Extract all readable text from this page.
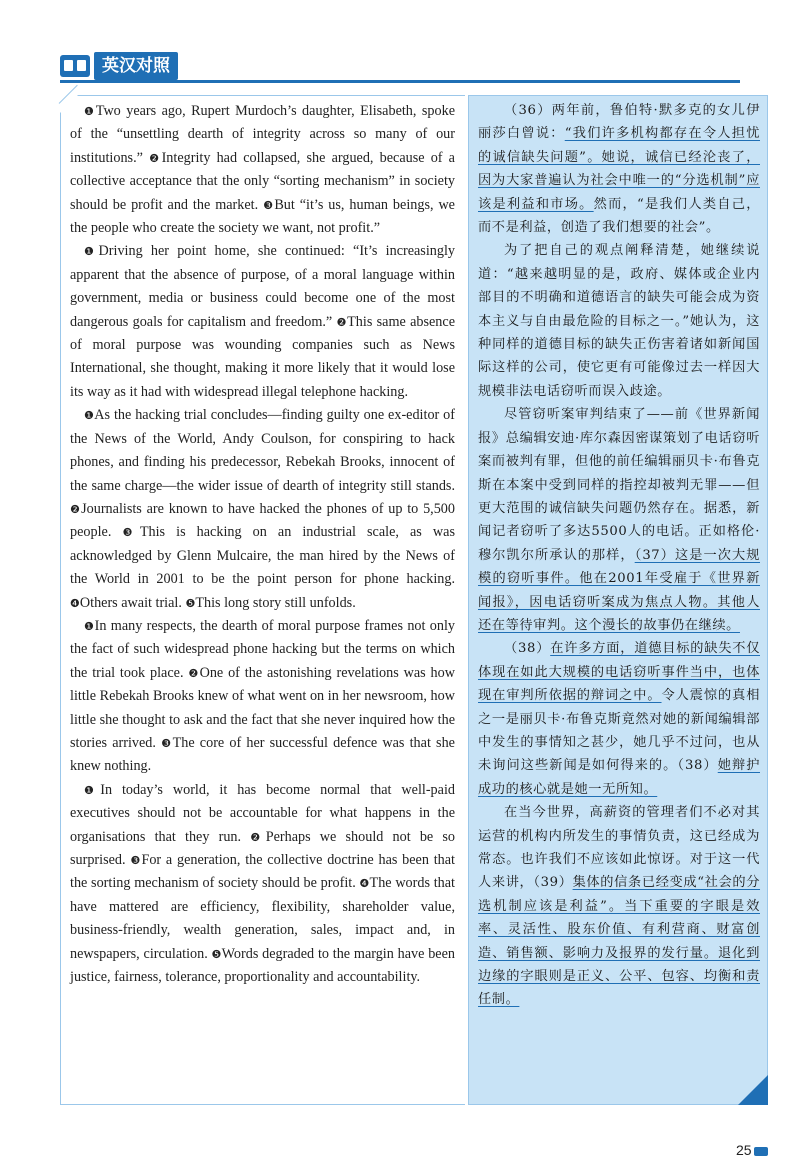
英汉对照

❶Two years ago, Rupert Murdoch’s daughter, Elisabeth, spoke of the “unsettling dearth of integrity across so many of our institutions.” ❷Integrity had collapsed, she argued, because of a collective acceptance that the only “sorting mechanism” in society should be profit and the market. ❸But “it’s us, human beings, we the people who create the society we want, not profit.”

❶Driving her point home, she continued: “It’s increasingly apparent that the absence of purpose, of a moral language within government, media or business could become one of the most dangerous goals for capitalism and freedom.” ❷This same absence of moral purpose was wounding companies such as News International, she thought, making it more likely that it would lose its way as it had with widespread illegal telephone hacking.

❶As the hacking trial concludes—finding guilty one ex-editor of the News of the World, Andy Coulson, for conspiring to hack phones, and finding his predecessor, Rebekah Brooks, innocent of the same charge—the wider issue of dearth of integrity still stands. ❷Journalists are known to have hacked the phones of up to 5,500 people. ❸This is hacking on an industrial scale, as was acknowledged by Glenn Mulcaire, the man hired by the News of the World in 2001 to be the point person for phone hacking. ❹Others await trial. ❺This long story still unfolds.

❶In many respects, the dearth of moral purpose frames not only the fact of such widespread phone hacking but the terms on which the trial took place. ❷One of the astonishing revelations was how little Rebekah Brooks knew of what went on in her newsroom, how little she thought to ask and the fact that she never inquired how the stories arrived. ❸The core of her successful defence was that she knew nothing.

❶In today’s world, it has become normal that well-paid executives should not be accountable for what happens in the organisations that they run. ❷Perhaps we should not be so surprised. ❸For a generation, the collective doctrine has been that the sorting mechanism of society should be profit. ❹The words that have mattered are efficiency, flexibility, shareholder value, business-friendly, wealth generation, sales, impact and, in newspapers, circulation. ❺Words degraded to the margin have been justice, fairness, tolerance, proportionality and accountability.

（36）两年前，鲁伯特·默多克的女儿伊丽莎白曾说：“我们许多机构都存在令人担忧的诚信缺失问题”。她说，诚信已经沦丧了，因为大家普遍认为社会中唯一的“分选机制”应该是利益和市场。然而，“是我们人类自己，而不是利益，创造了我们想要的社会”。

为了把自己的观点阐释清楚，她继续说道：“越来越明显的是，政府、媒体或企业内部目的不明确和道德语言的缺失可能会成为资本主义与自由最危险的目标之一。”她认为，这种同样的道德目标的缺失正伤害着诸如新闻国际这样的公司，使它更有可能像过去一样因大规模非法电话窃听而误入歧途。

尽管窃听案审判结束了——前《世界新闻报》总编辑安迪·库尔森因密谋策划了电话窃听案而被判有罪，但他的前任编辑丽贝卡·布鲁克斯在本案中受到同样的指控却被判无罪——但更大范围的诚信缺失问题仍然存在。据悉，新闻记者窃听了多达5500人的电话。正如格伦·穆尔凯尔所承认的那样，（37）这是一次大规模的窃听事件。他在2001年受雇于《世界新闻报》，因电话窃听案成为焦点人物。其他人还在等待审判。这个漫长的故事仍在继续。

（38）在许多方面，道德目标的缺失不仅体现在如此大规模的电话窃听事件当中，也体现在审判所依据的辩词之中。令人震惊的真相之一是丽贝卡·布鲁克斯竟然对她的新闻编辑部中发生的事情知之甚少，她几乎不过问，也从未询问这些新闻是如何得来的。（38）她辩护成功的核心就是她一无所知。

在当今世界，高薪资的管理者们不必对其运营的机构内所发生的事情负责，这已经成为常态。也许我们不应该如此惊讶。对于这一代人来讲，（39）集体的信条已经变成“社会的分选机制应该是利益”。当下重要的字眼是效率、灵活性、股东价值、有利营商、财富创造、销售额、影响力及报界的发行量。退化到边缘的字眼则是正义、公平、包容、均衡和责任制。

25
